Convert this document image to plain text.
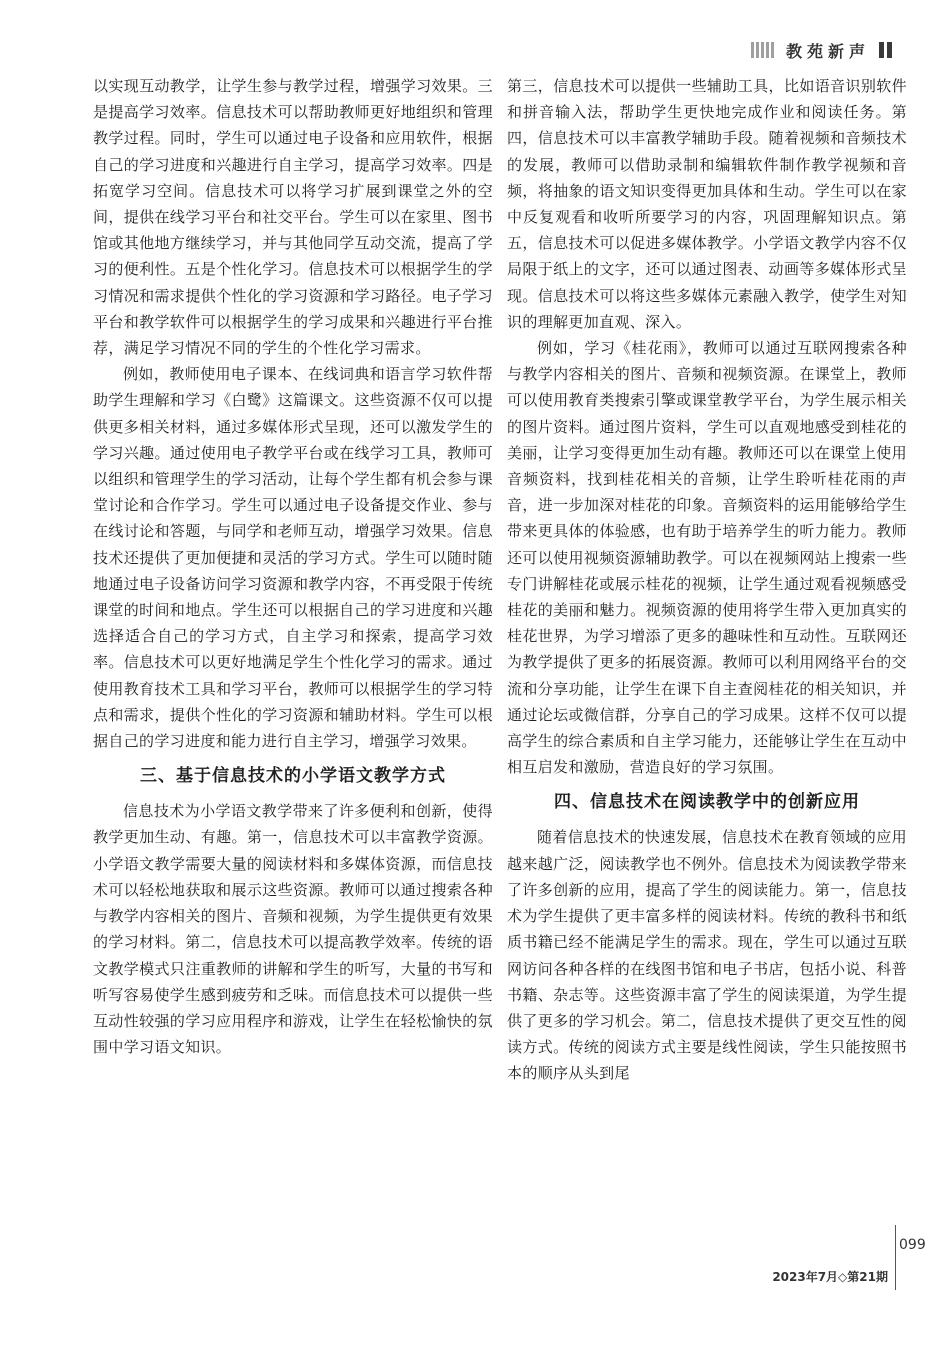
教苑新声

以实现互动教学，让学生参与教学过程，增强学习效果。三是提高学习效率。信息技术可以帮助教师更好地组织和管理教学过程。同时，学生可以通过电子设备和应用软件，根据自己的学习进度和兴趣进行自主学习，提高学习效率。四是拓宽学习空间。信息技术可以将学习扩展到课堂之外的空间，提供在线学习平台和社交平台。学生可以在家里、图书馆或其他地方继续学习，并与其他同学互动交流，提高了学习的便利性。五是个性化学习。信息技术可以根据学生的学习情况和需求提供个性化的学习资源和学习路径。电子学习平台和教学软件可以根据学生的学习成果和兴趣进行平台推荐，满足学习情况不同的学生的个性化学习需求。

例如，教师使用电子课本、在线词典和语言学习软件帮助学生理解和学习《白鹭》这篇课文。这些资源不仅可以提供更多相关材料，通过多媒体形式呈现，还可以激发学生的学习兴趣。通过使用电子教学平台或在线学习工具，教师可以组织和管理学生的学习活动，让每个学生都有机会参与课堂讨论和合作学习。学生可以通过电子设备提交作业、参与在线讨论和答题，与同学和老师互动，增强学习效果。信息技术还提供了更加便捷和灵活的学习方式。学生可以随时随地通过电子设备访问学习资源和教学内容，不再受限于传统课堂的时间和地点。学生还可以根据自己的学习进度和兴趣选择适合自己的学习方式，自主学习和探索，提高学习效率。信息技术可以更好地满足学生个性化学习的需求。通过使用教育技术工具和学习平台，教师可以根据学生的学习特点和需求，提供个性化的学习资源和辅助材料。学生可以根据自己的学习进度和能力进行自主学习，增强学习效果。

三、基于信息技术的小学语文教学方式

信息技术为小学语文教学带来了许多便利和创新，使得教学更加生动、有趣。第一，信息技术可以丰富教学资源。小学语文教学需要大量的阅读材料和多媒体资源，而信息技术可以轻松地获取和展示这些资源。教师可以通过搜索各种与教学内容相关的图片、音频和视频，为学生提供更有效果的学习材料。第二，信息技术可以提高教学效率。传统的语文教学模式只注重教师的讲解和学生的听写，大量的书写和听写容易使学生感到疲劳和乏味。而信息技术可以提供一些互动性较强的学习应用程序和游戏，让学生在轻松愉快的氛围中学习语文知识。

第三，信息技术可以提供一些辅助工具，比如语音识别软件和拼音输入法，帮助学生更快地完成作业和阅读任务。第四，信息技术可以丰富教学辅助手段。随着视频和音频技术的发展，教师可以借助录制和编辑软件制作教学视频和音频，将抽象的语文知识变得更加具体和生动。学生可以在家中反复观看和收听所要学习的内容，巩固理解知识点。第五，信息技术可以促进多媒体教学。小学语文教学内容不仅局限于纸上的文字，还可以通过图表、动画等多媒体形式呈现。信息技术可以将这些多媒体元素融入教学，使学生对知识的理解更加直观、深入。

例如，学习《桂花雨》，教师可以通过互联网搜索各种与教学内容相关的图片、音频和视频资源。在课堂上，教师可以使用教育类搜索引擎或课堂教学平台，为学生展示相关的图片资料。通过图片资料，学生可以直观地感受到桂花的美丽，让学习变得更加生动有趣。教师还可以在课堂上使用音频资料，找到桂花相关的音频，让学生聆听桂花雨的声音，进一步加深对桂花的印象。音频资料的运用能够给学生带来更具体的体验感，也有助于培养学生的听力能力。教师还可以使用视频资源辅助教学。可以在视频网站上搜索一些专门讲解桂花或展示桂花的视频，让学生通过观看视频感受桂花的美丽和魅力。视频资源的使用将学生带入更加真实的桂花世界，为学习增添了更多的趣味性和互动性。互联网还为教学提供了更多的拓展资源。教师可以利用网络平台的交流和分享功能，让学生在课下自主查阅桂花的相关知识，并通过论坛或微信群，分享自己的学习成果。这样不仅可以提高学生的综合素质和自主学习能力，还能够让学生在互动中相互启发和激励，营造良好的学习氛围。

四、信息技术在阅读教学中的创新应用

随着信息技术的快速发展，信息技术在教育领域的应用越来越广泛，阅读教学也不例外。信息技术为阅读教学带来了许多创新的应用，提高了学生的阅读能力。第一，信息技术为学生提供了更丰富多样的阅读材料。传统的教科书和纸质书籍已经不能满足学生的需求。现在，学生可以通过互联网访问各种各样的在线图书馆和电子书店，包括小说、科普书籍、杂志等。这些资源丰富了学生的阅读渠道，为学生提供了更多的学习机会。第二，信息技术提供了更交互性的阅读方式。传统的阅读方式主要是线性阅读，学生只能按照书本的顺序从头到尾

099
2023年7月◇第21期
